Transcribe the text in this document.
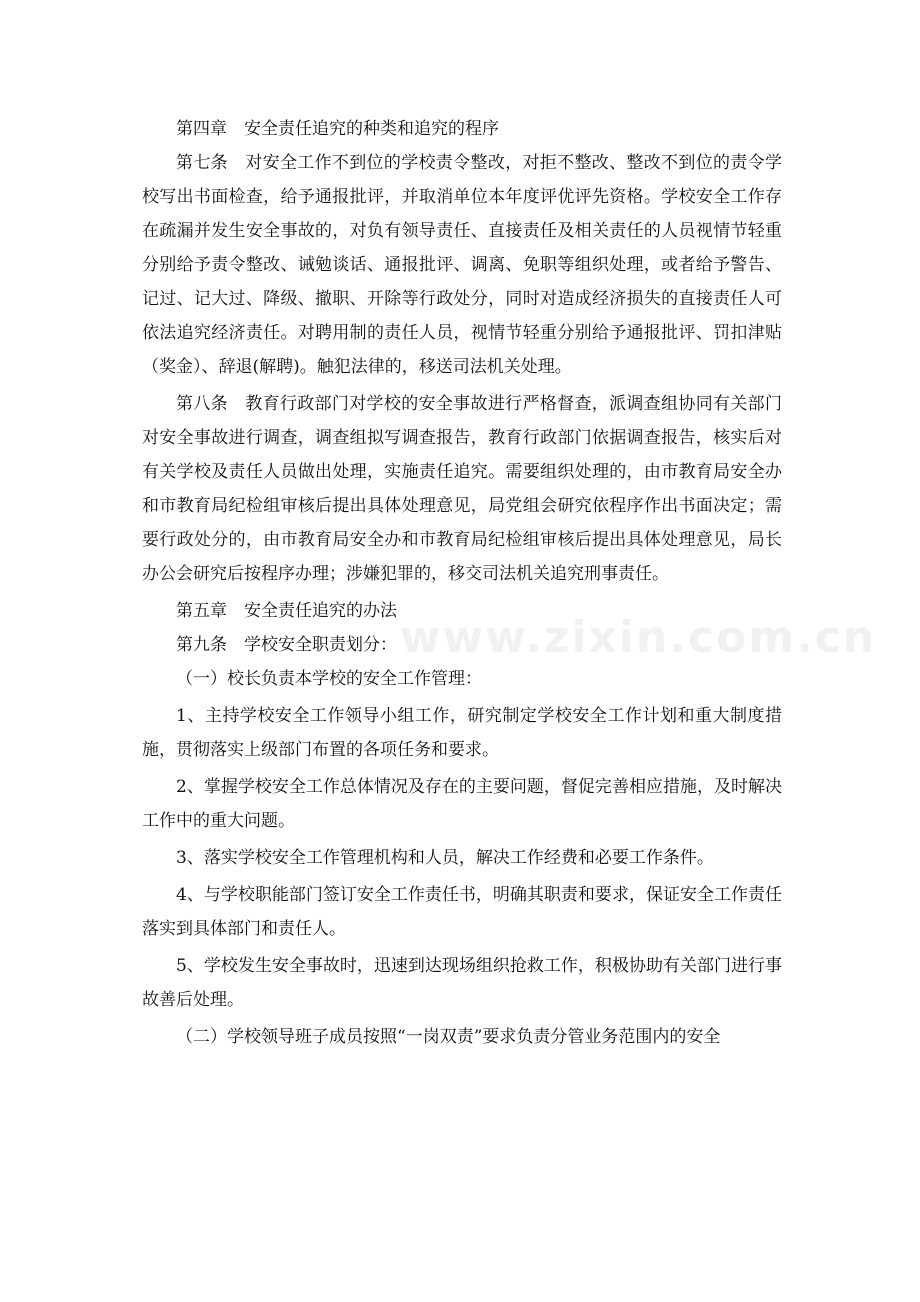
www.zixin.com.cn

第四章　安全责任追究的种类和追究的程序

第七条　对安全工作不到位的学校责令整改，对拒不整改、整改不到位的责令学校写出书面检查，给予通报批评，并取消单位本年度评优评先资格。学校安全工作存在疏漏并发生安全事故的，对负有领导责任、直接责任及相关责任的人员视情节轻重分别给予责令整改、诫勉谈话、通报批评、调离、免职等组织处理，或者给予警告、记过、记大过、降级、撤职、开除等行政处分，同时对造成经济损失的直接责任人可依法追究经济责任。对聘用制的责任人员，视情节轻重分别给予通报批评、罚扣津贴（奖金）、辞退(解聘)。触犯法律的，移送司法机关处理。

第八条　教育行政部门对学校的安全事故进行严格督查，派调查组协同有关部门对安全事故进行调查，调查组拟写调查报告，教育行政部门依据调查报告，核实后对有关学校及责任人员做出处理，实施责任追究。需要组织处理的，由市教育局安全办和市教育局纪检组审核后提出具体处理意见，局党组会研究依程序作出书面决定；需要行政处分的，由市教育局安全办和市教育局纪检组审核后提出具体处理意见，局长办公会研究后按程序办理；涉嫌犯罪的，移交司法机关追究刑事责任。

第五章　安全责任追究的办法

第九条　学校安全职责划分：

（一）校长负责本学校的安全工作管理：

1、主持学校安全工作领导小组工作，研究制定学校安全工作计划和重大制度措施，贯彻落实上级部门布置的各项任务和要求。

2、掌握学校安全工作总体情况及存在的主要问题，督促完善相应措施，及时解决工作中的重大问题。

3、落实学校安全工作管理机构和人员，解决工作经费和必要工作条件。

4、与学校职能部门签订安全工作责任书，明确其职责和要求，保证安全工作责任落实到具体部门和责任人。

5、学校发生安全事故时，迅速到达现场组织抢救工作，积极协助有关部门进行事故善后处理。

（二）学校领导班子成员按照“一岗双责”要求负责分管业务范围内的安全
